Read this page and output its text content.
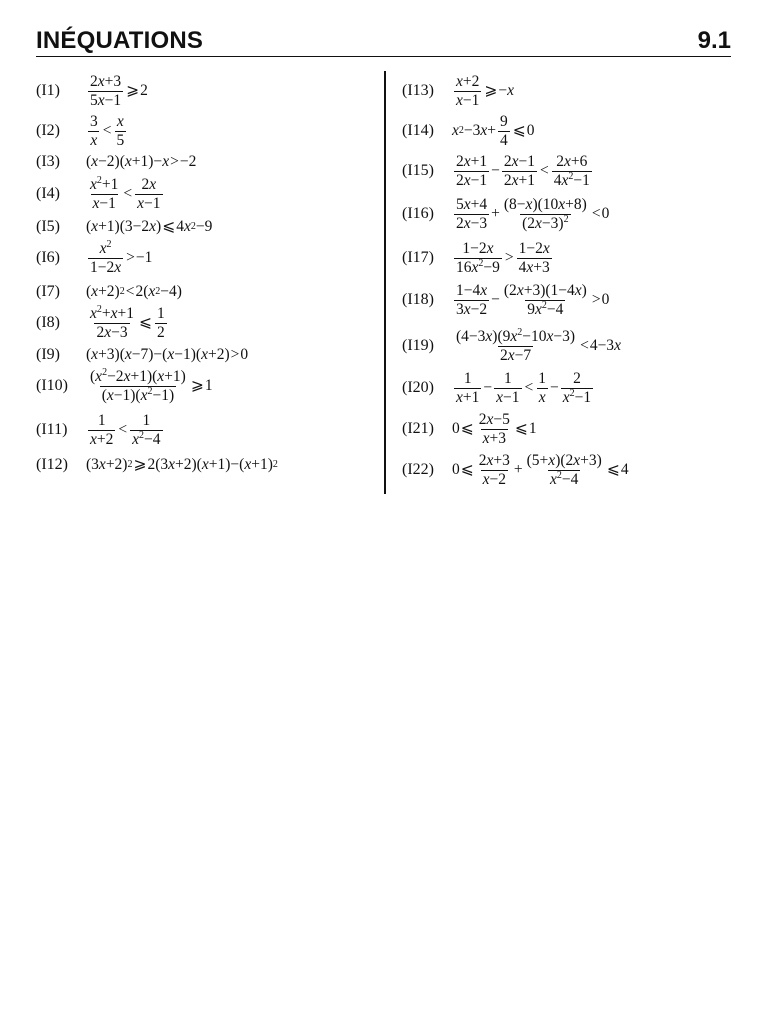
INÉQUATIONS	9.1
(I1)
2x+3
5x−1
⩾ 2
(I2)
3
x
<
x
5
(I3)	( x −2)( x +1)− x > −2
(I4)
$x^2+1$
x−1
<
2x
x−1
(I5)	( x +1)(3−2 x ) ⩽ 4 x 2 −9
(I6)
$x^2$
1−2x
> −1
(I7)	( x +2) 2 < 2( x 2 −4)
(I8)
$x^2+x+1$
2x−3
⩽
1
2
(I9)	( x +3)( x −7)−( x −1)( x +2) > 0
(I10)
$(x^2-2x+1)(x+1)$
$(x-1)(x^2-1)$
⩾ 1
(I11)
1
x+2
<
1
$x^2-4$
(I12)	(3 x +2) 2 ⩾ 2(3 x +2)( x +1)−( x +1) 2
(I13)
x+2
x−1
⩾ − x
(I14)	x 2 −3 x +
9
4
⩽ 0
(I15)
2x+1
2x−1
−
2x−1
2x+1
<
2x+6
$4x^2-1$
(I16)
5x+4
2x−3
+
(8−x)(10x+8)
$(2x-3)^2 < 0$
(I17)
1−2x
$16x^2-9$
>
1−2x
4x+3
(I18)
1−4x
3x−2
−
(2x+3)(1−4x)
$9x^2-4$
> 0
(I19)
$(4-3x)(9x^2-10x-3)$
2x−7
< 4−3 x
(I20)
1
x+1
−
1
x−1
<
1
x
−
2
$x^2-1$
(I21)	0 ⩽
2x−5
x+3
⩽ 1
(I22)	0 ⩽
2x+3
x−2
+
(5+x)(2x+3)
$x^2-4$
⩽ 4
